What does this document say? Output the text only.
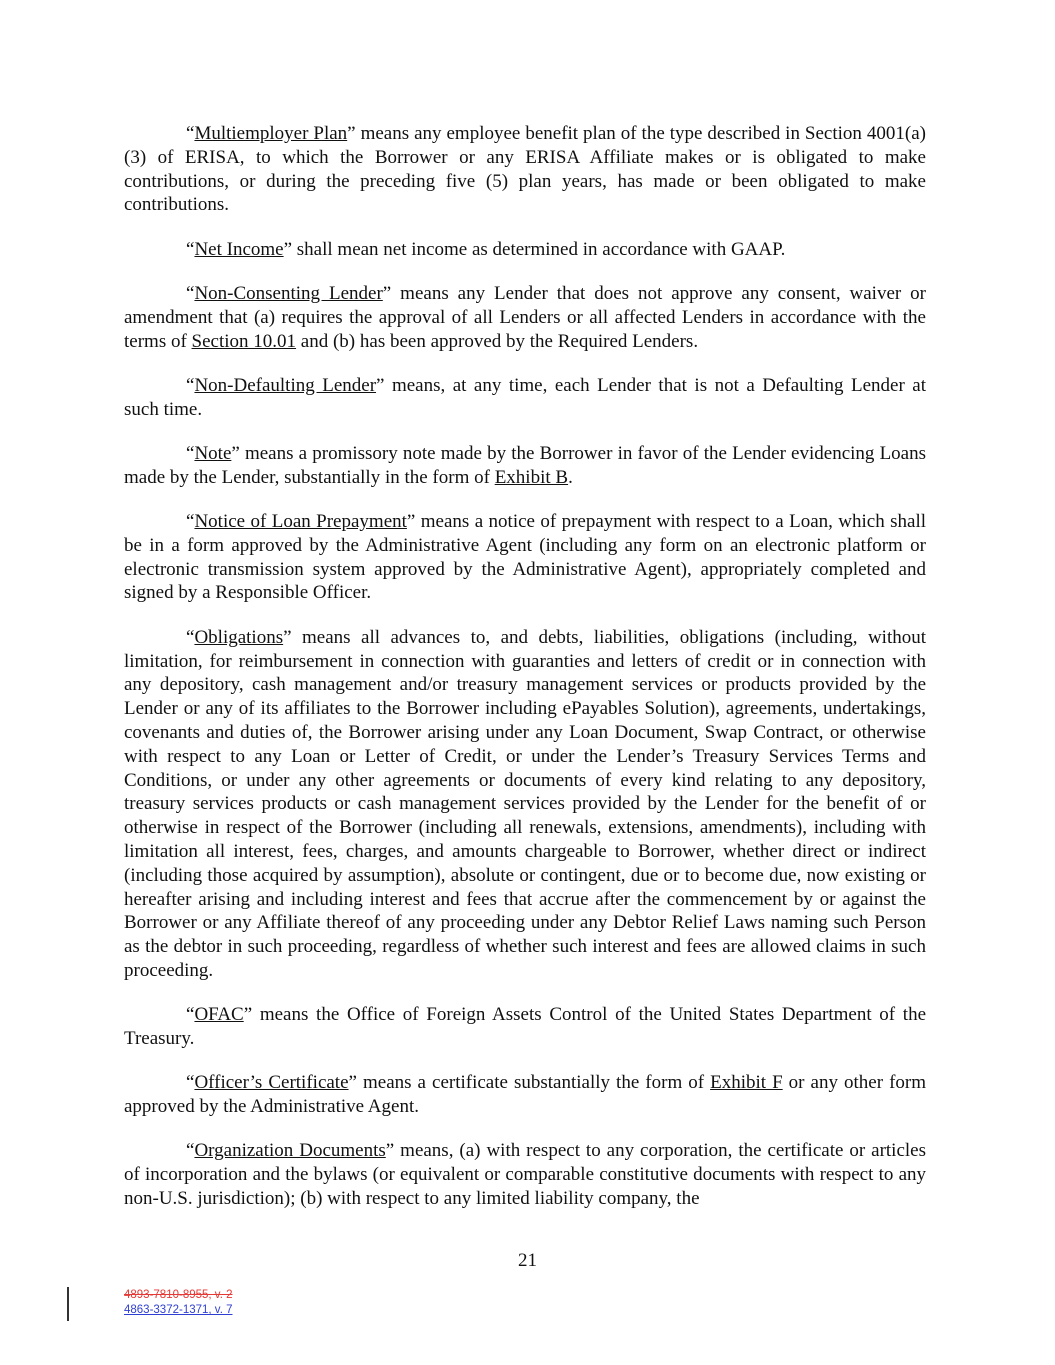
“Multiemployer Plan” means any employee benefit plan of the type described in Section 4001(a)(3) of ERISA, to which the Borrower or any ERISA Affiliate makes or is obligated to make contributions, or during the preceding five (5) plan years, has made or been obligated to make contributions.

“Net Income” shall mean net income as determined in accordance with GAAP.

“Non-Consenting Lender” means any Lender that does not approve any consent, waiver or amendment that (a) requires the approval of all Lenders or all affected Lenders in accordance with the terms of Section 10.01 and (b) has been approved by the Required Lenders.

“Non-Defaulting Lender” means, at any time, each Lender that is not a Defaulting Lender at such time.

“Note” means a promissory note made by the Borrower in favor of the Lender evidencing Loans made by the Lender, substantially in the form of Exhibit B.

“Notice of Loan Prepayment” means a notice of prepayment with respect to a Loan, which shall be in a form approved by the Administrative Agent (including any form on an electronic platform or electronic transmission system approved by the Administrative Agent), appropriately completed and signed by a Responsible Officer.

“Obligations” means all advances to, and debts, liabilities, obligations (including, without limitation, for reimbursement in connection with guaranties and letters of credit or in connection with any depository, cash management and/or treasury management services or products provided by the Lender or any of its affiliates to the Borrower including ePayables Solution), agreements, undertakings, covenants and duties of, the Borrower arising under any Loan Document, Swap Contract, or otherwise with respect to any Loan or Letter of Credit, or under the Lender’s Treasury Services Terms and Conditions, or under any other agreements or documents of every kind relating to any depository, treasury services products or cash management services provided by the Lender for the benefit of or otherwise in respect of the Borrower (including all renewals, extensions, amendments), including with limitation all interest, fees, charges, and amounts chargeable to Borrower, whether direct or indirect (including those acquired by assumption), absolute or contingent, due or to become due, now existing or hereafter arising and including interest and fees that accrue after the commencement by or against the Borrower or any Affiliate thereof of any proceeding under any Debtor Relief Laws naming such Person as the debtor in such proceeding, regardless of whether such interest and fees are allowed claims in such proceeding.

“OFAC” means the Office of Foreign Assets Control of the United States Department of the Treasury.

“Officer’s Certificate” means a certificate substantially the form of Exhibit F or any other form approved by the Administrative Agent.

“Organization Documents” means, (a) with respect to any corporation, the certificate or articles of incorporation and the bylaws (or equivalent or comparable constitutive documents with respect to any non-U.S. jurisdiction); (b) with respect to any limited liability company, the

21
4893-7810-8955, v. 2
4863-3372-1371, v. 7
